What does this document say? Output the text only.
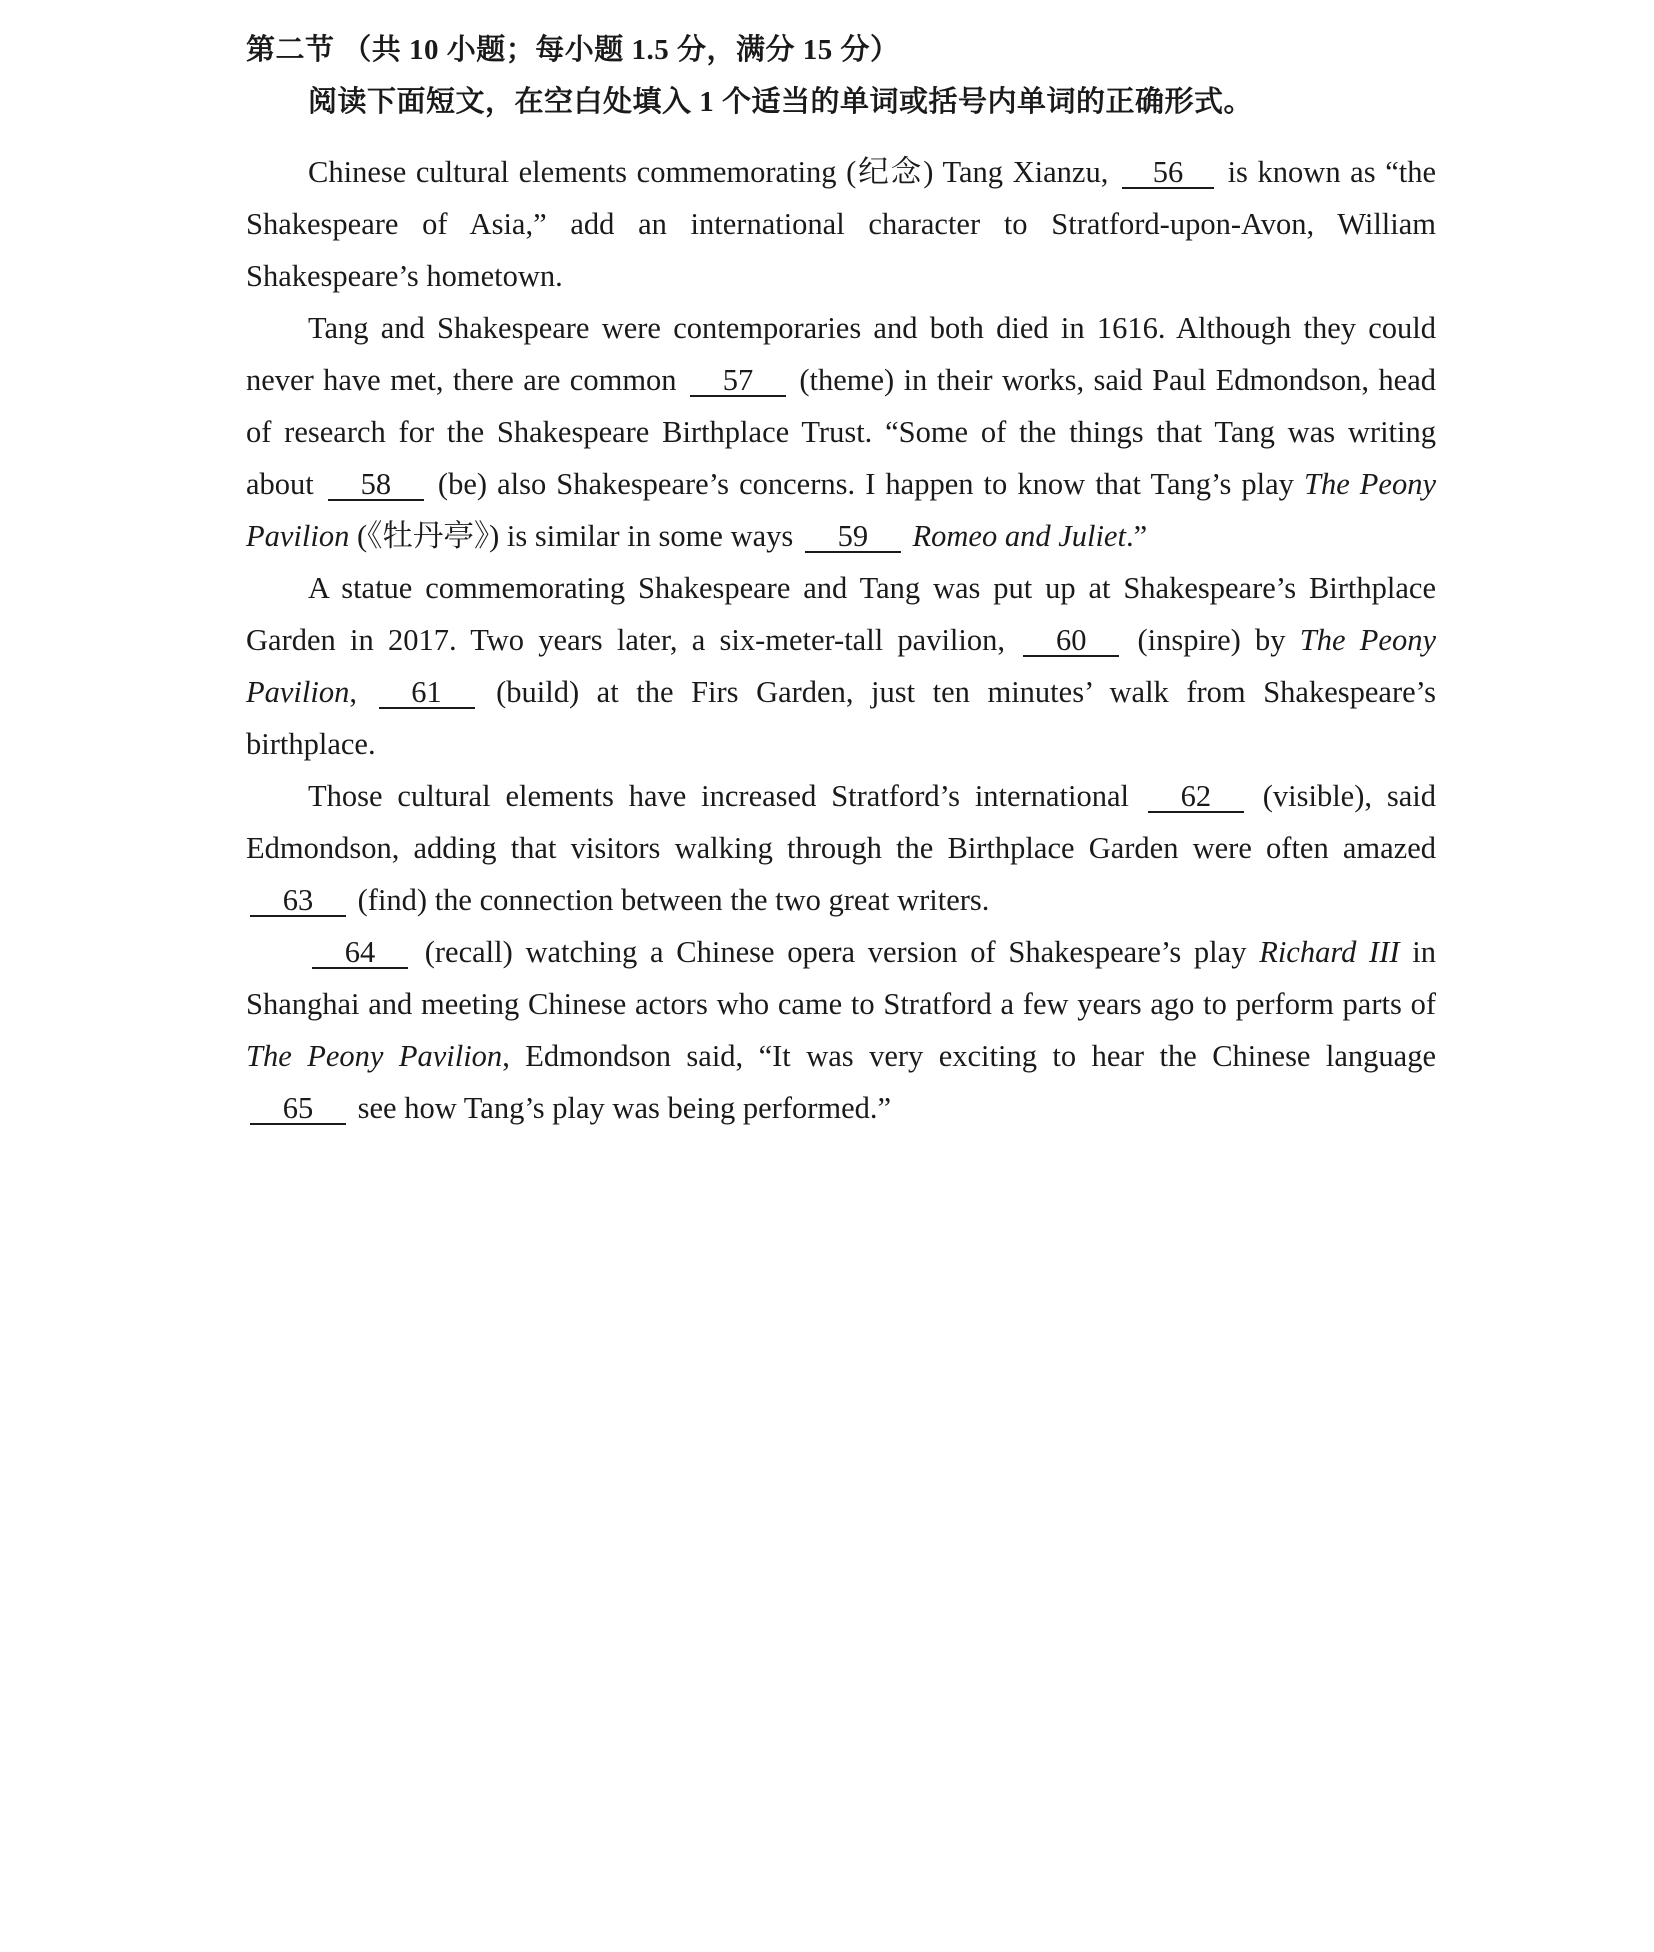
第二节 （共 10 小题；每小题 1.5 分，满分 15 分）
阅读下面短文，在空白处填入 1 个适当的单词或括号内单词的正确形式。

Chinese cultural elements commemorating (纪念) Tang Xianzu, 56 is known as “the Shakespeare of Asia,” add an international character to Stratford-upon-Avon, William Shakespeare’s hometown.

Tang and Shakespeare were contemporaries and both died in 1616. Although they could never have met, there are common 57 (theme) in their works, said Paul Edmondson, head of research for the Shakespeare Birthplace Trust. “Some of the things that Tang was writing about 58 (be) also Shakespeare’s concerns. I happen to know that Tang’s play The Peony Pavilion (《牡丹亭》) is similar in some ways 59 Romeo and Juliet.”

A statue commemorating Shakespeare and Tang was put up at Shakespeare’s Birthplace Garden in 2017. Two years later, a six-meter-tall pavilion, 60 (inspire) by The Peony Pavilion, 61 (build) at the Firs Garden, just ten minutes’ walk from Shakespeare’s birthplace.

Those cultural elements have increased Stratford’s international 62 (visible), said Edmondson, adding that visitors walking through the Birthplace Garden were often amazed 63 (find) the connection between the two great writers.

64 (recall) watching a Chinese opera version of Shakespeare’s play Richard III in Shanghai and meeting Chinese actors who came to Stratford a few years ago to perform parts of The Peony Pavilion, Edmondson said, “It was very exciting to hear the Chinese language 65 see how Tang’s play was being performed.”
